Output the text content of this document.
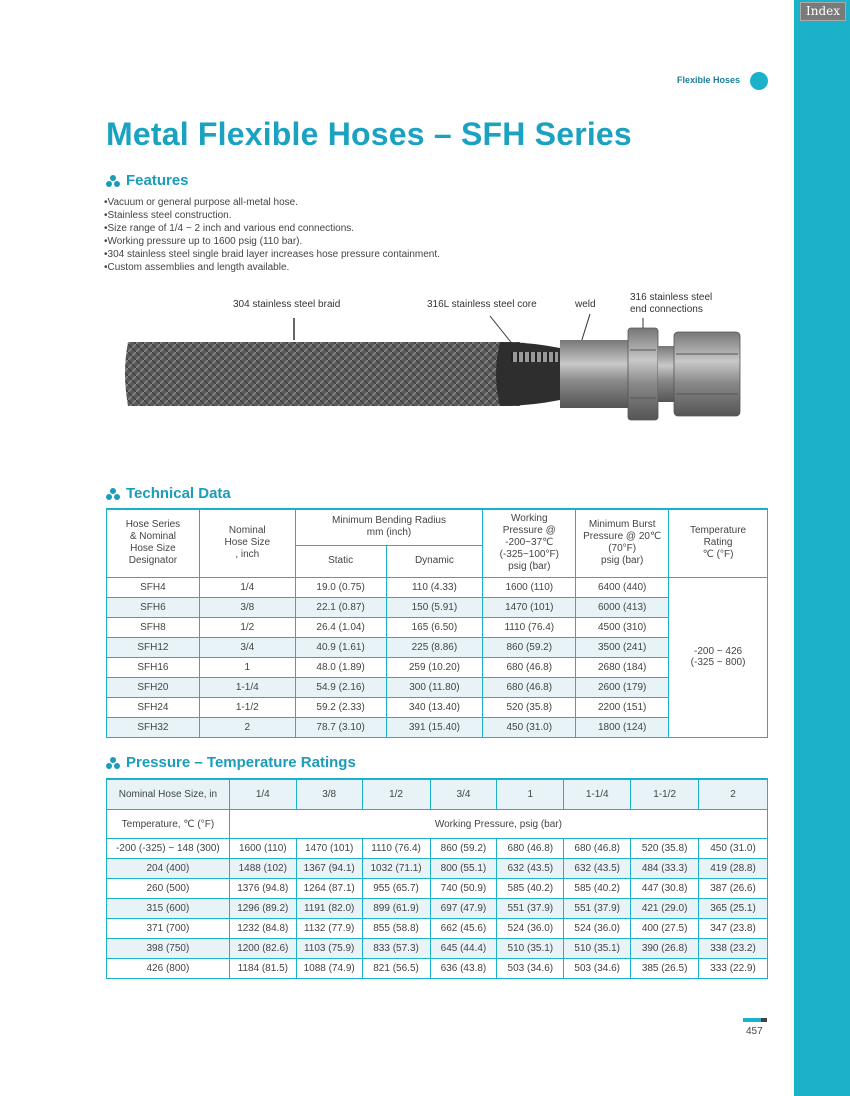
Index
Flexible Hoses
Metal Flexible Hoses – SFH Series
Features
• Vacuum or general purpose all-metal hose.
• Stainless steel construction.
• Size range of 1/4 ~ 2 inch and various end connections.
• Working pressure up to 1600 psig (110 bar).
• 304 stainless steel single braid layer increases hose pressure containment.
• Custom assemblies and length available.
304 stainless steel braid	316L stainless steel core	weld
316 stainless steel
end connections
Technical Data
Hose Series
& Nominal
Hose Size
Designator	Nominal
Hose Size
, inch	Minimum Bending Radius
mm (inch)		Working
Pressure @
-200~37℃
(-325~100°F)
psig (bar)	Minimum Burst
Pressure @ 20℃
(70°F)
psig (bar)	Temperature
Rating
℃ (°F)
		Static	Dynamic			
SFH4	1/4	19.0 (0.75)	110 (4.33)	1600 (110)	6400 (440)	-200 ~ 426
(-325 ~ 800)
SFH6	3/8	22.1 (0.87)	150 (5.91)	1470 (101)	6000 (413)	
SFH8	1/2	26.4 (1.04)	165 (6.50)	1110 (76.4)	4500 (310)	
SFH12	3/4	40.9 (1.61)	225 (8.86)	860 (59.2)	3500 (241)	
SFH16	1	48.0 (1.89)	259 (10.20)	680 (46.8)	2680 (184)	
SFH20	1-1/4	54.9 (2.16)	300 (11.80)	680 (46.8)	2600 (179)	
SFH24	1-1/2	59.2 (2.33)	340 (13.40)	520 (35.8)	2200 (151)	
SFH32	2	78.7 (3.10)	391 (15.40)	450 (31.0)	1800 (124)	
Pressure – Temperature Ratings
Nominal Hose Size, in	1/4	3/8	1/2	3/4	1	1-1/4	1-1/2	2
Temperature, ℃ (°F)	Working Pressure, psig (bar)							
-200 (-325) ~ 148 (300)	1600 (110)	1470 (101)	1110 (76.4)	860 (59.2)	680 (46.8)	680 (46.8)	520 (35.8)	450 (31.0)
204 (400)	1488 (102)	1367 (94.1)	1032 (71.1)	800 (55.1)	632 (43.5)	632 (43.5)	484 (33.3)	419 (28.8)
260 (500)	1376 (94.8)	1264 (87.1)	955 (65.7)	740 (50.9)	585 (40.2)	585 (40.2)	447 (30.8)	387 (26.6)
315 (600)	1296 (89.2)	1191 (82.0)	899 (61.9)	697 (47.9)	551 (37.9)	551 (37.9)	421 (29.0)	365 (25.1)
371 (700)	1232 (84.8)	1132 (77.9)	855 (58.8)	662 (45.6)	524 (36.0)	524 (36.0)	400 (27.5)	347 (23.8)
398 (750)	1200 (82.6)	1103 (75.9)	833 (57.3)	645 (44.4)	510 (35.1)	510 (35.1)	390 (26.8)	338 (23.2)
426 (800)	1184 (81.5)	1088 (74.9)	821 (56.5)	636 (43.8)	503 (34.6)	503 (34.6)	385 (26.5)	333 (22.9)
457
